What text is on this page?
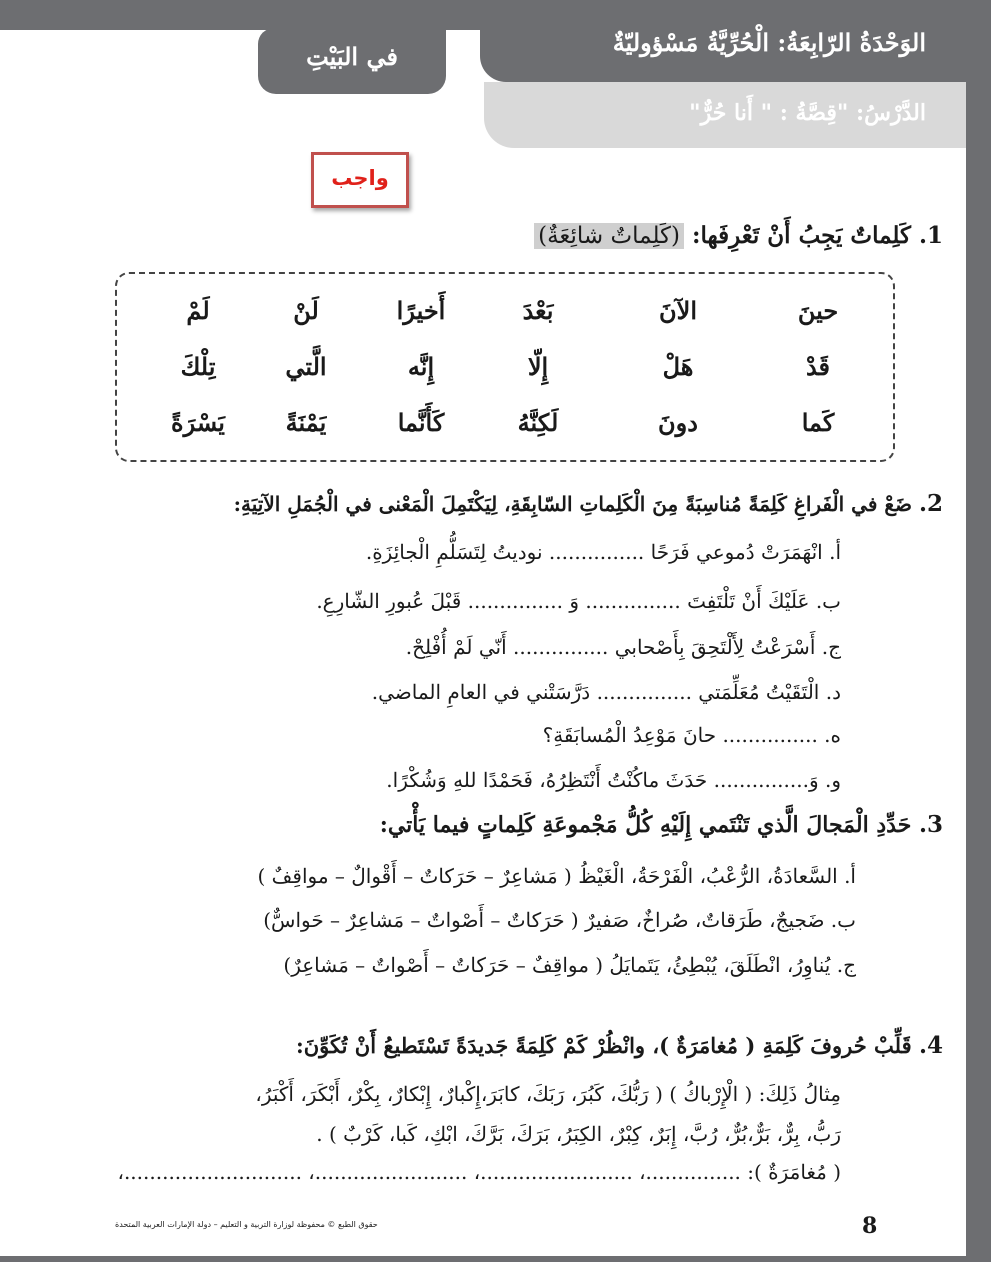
الوَحْدَةُ الرّابِعَةُ: الْحُرِّيَّةُ مَسْؤوليّةٌ
الدَّرْسُ: "قِصَّةُ : " أَنا حُرٌّ"
في البَيْتِ
واجب
1. كَلِماتٌ يَجِبُ أَنْ تَعْرِفَها: (كَلِماتٌ شائِعَةٌ)
حينَ
الآنَ
بَعْدَ
أَخيرًا
لَنْ
لَمْ
قَدْ
هَلْ
إِلّا
إِنَّه
الَّتي
تِلْكَ
كَما
دونَ
لَكِنَّهُ
كَأَنَّما
يَمْنَةً
يَسْرَةً
2. ضَعْ في الْفَراغِ كَلِمَةً مُناسِبَةً مِنَ الْكَلِماتِ السّابِقَةِ، لِيَكْتَمِلَ الْمَعْنى في الْجُمَلِ الآتِيَةِ:
أ. انْهَمَرَتْ دُموعي فَرَحًا ............... نوديتُ لِتَسَلُّمِ الْجائِزَةِ.
ب. عَلَيْكَ أَنْ تَلْتَفِتَ ............... وَ ............... قَبْلَ عُبورِ الشّارِعِ.
ج. أَسْرَعْتُ لِأَلْتَحِقَ بِأَصْحابي ............... أَنّي لَمْ أُفْلِحْ.
د. الْتَقَيْتُ مُعَلِّمَتي ............... دَرَّسَتْني في العامِ الماضي.
ه. ............... حانَ مَوْعِدُ الْمُسابَقَةِ؟
و. وَ............... حَدَثَ ماكُنْتُ أَنْتَظِرُهُ، فَحَمْدًا للهِ وَشُكْرًا.
3. حَدِّدِ الْمَجالَ الَّذي تَنْتَمي إِلَيْهِ كُلُّ مَجْموعَةِ كَلِماتٍ فيما يَأْتي:
أ. السَّعادَةُ، الرُّعْبُ، الْفَرْحَةُ، الْغَيْظُ ( مَشاعِرٌ – حَرَكاتٌ – أَقْوالٌ – مواقِفٌ )
ب. ضَجيجٌ، طَرَقاتٌ، صُراخٌ، صَفيرٌ ( حَرَكاتٌ – أَصْواتٌ – مَشاعِرٌ – حَواسٌّ)
ج. يُناوِرُ، انْطَلَقَ، يُبْطِئُ، يَتَمايَلُ ( مواقِفٌ – حَرَكاتٌ – أَصْواتٌ – مَشاعِرٌ)
4. قَلِّبْ حُروفَ كَلِمَةِ ( مُغامَرَةٌ )، وانْظُرْ كَمْ كَلِمَةً جَديدَةً تَسْتَطيعُ أَنْ تُكَوِّنَ:
مِثالُ ذَلِكَ: ( الْإِرْباكُ ) ( رَبُّكَ، كَبُرَ، رَبَكَ، كابَرَ،إِكْبارٌ، إِبْكارٌ، بِكْرٌ، أَبْكَرَ، أَكْبَرُ،
رَبُّ، بِرٌّ، بَرٌّ،بُرٌّ، رُبَّ، إِبَرٌ، كِبْرٌ، الكِبَرُ، بَرَكَ، بَرَّكَ، ابْكِ، كَبا، كَرْبٌ ) .
( مُغامَرَةٌ ): ...............، ........................، ........................، ............................،
حقوق الطبع © محفوظة لوزارة التربية و التعليم – دولة الإمارات العربية المتحدة	8
